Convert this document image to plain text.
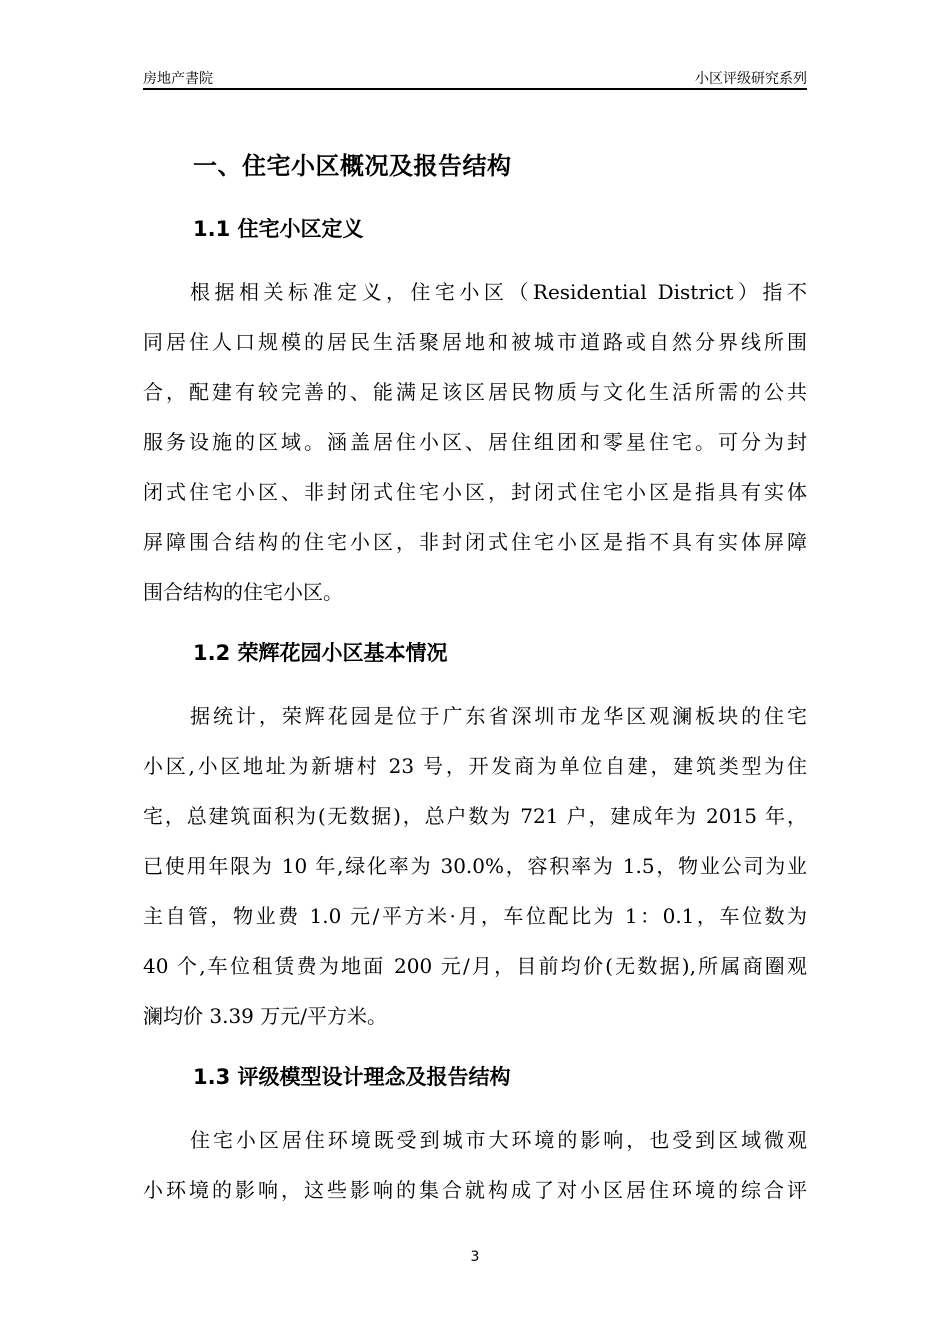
房地产書院	小区评级研究系列
一、住宅小区概况及报告结构
1.1 住宅小区定义
根据相关标准定义，住宅小区（Residential District）指不
同居住人口规模的居民生活聚居地和被城市道路或自然分界线所围
合，配建有较完善的、能满足该区居民物质与文化生活所需的公共
服务设施的区域。涵盖居住小区、居住组团和零星住宅。可分为封
闭式住宅小区、非封闭式住宅小区，封闭式住宅小区是指具有实体
屏障围合结构的住宅小区，非封闭式住宅小区是指不具有实体屏障
围合结构的住宅小区。
1.2 荣辉花园小区基本情况
据统计，荣辉花园是位于广东省深圳市龙华区观澜板块的住宅
小区,小区地址为新塘村 23 号，开发商为单位自建，建筑类型为住
宅，总建筑面积为(无数据)，总户数为 721 户，建成年为 2015 年，
已使用年限为 10 年,绿化率为 30.0%，容积率为 1.5，物业公司为业
主自管，物业费 1.0 元/平方米·月，车位配比为 1：0.1，车位数为
40 个,车位租赁费为地面 200 元/月，目前均价(无数据),所属商圈观
澜均价 3.39 万元/平方米。
1.3 评级模型设计理念及报告结构
住宅小区居住环境既受到城市大环境的影响，也受到区域微观
小环境的影响，这些影响的集合就构成了对小区居住环境的综合评
3
